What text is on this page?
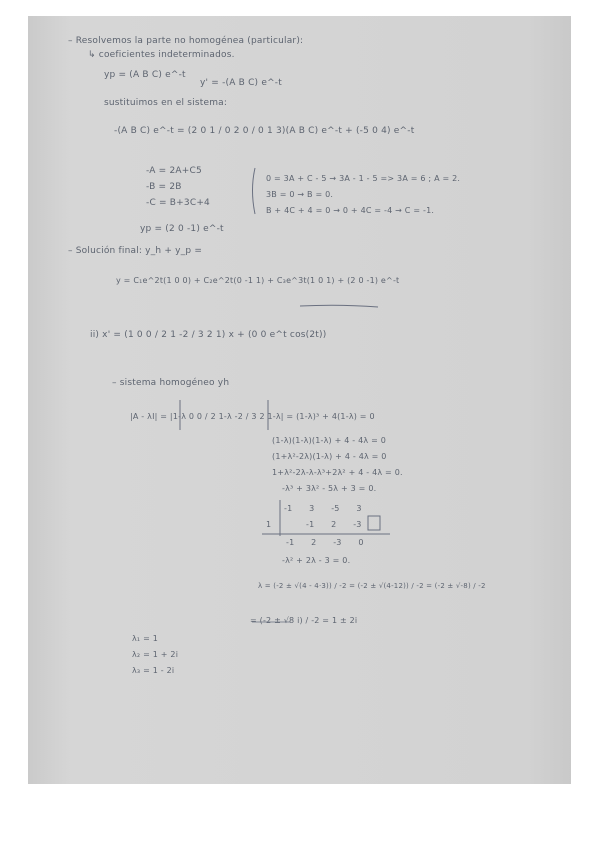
– Resolvemos la parte no homogénea (particular):
↳ coeficientes indeterminados.
yp = (A B C) e^-t
y' = -(A B C) e^-t
sustituimos en el sistema:
-(A B C) e^-t = (2 0 1 / 0 2 0 / 0 1 3)(A B C) e^-t + (-5 0 4) e^-t
-A = 2A+C5
-B = 2B
-C = B+3C+4
0 = 3A + C - 5 → 3A - 1 - 5 => 3A = 6 ; A = 2.
3B = 0 → B = 0.
B + 4C + 4 = 0 → 0 + 4C = -4 → C = -1.
yp = (2 0 -1) e^-t
– Solución final: y_h + y_p =
y = C₁e^2t(1 0 0) + C₂e^2t(0 -1 1) + C₃e^3t(1 0 1) + (2 0 -1) e^-t
ii) x' = (1 0 0 / 2 1 -2 / 3 2 1) x + (0 0 e^t cos(2t))
– sistema homogéneo yh
|A - λI| = |1-λ 0 0 / 2 1-λ -2 / 3 2 1-λ| = (1-λ)³ + 4(1-λ) = 0
(1-λ)(1-λ)(1-λ) + 4 - 4λ = 0
(1+λ²-2λ)(1-λ) + 4 - 4λ = 0
1+λ²-2λ-λ-λ³+2λ² + 4 - 4λ = 0.
-λ³ + 3λ² - 5λ + 3 = 0.
-1 3 -5 3
1	-1 2 -3
-1 2 -3 0
-λ² + 2λ - 3 = 0.
λ = (-2 ± √(4 - 4·3)) / -2 = (-2 ± √(4-12)) / -2 = (-2 ± √-8) / -2
= (-2 ± √8 i) / -2 = 1 ± 2i
λ₁ = 1
λ₂ = 1 + 2i
λ₃ = 1 - 2i
